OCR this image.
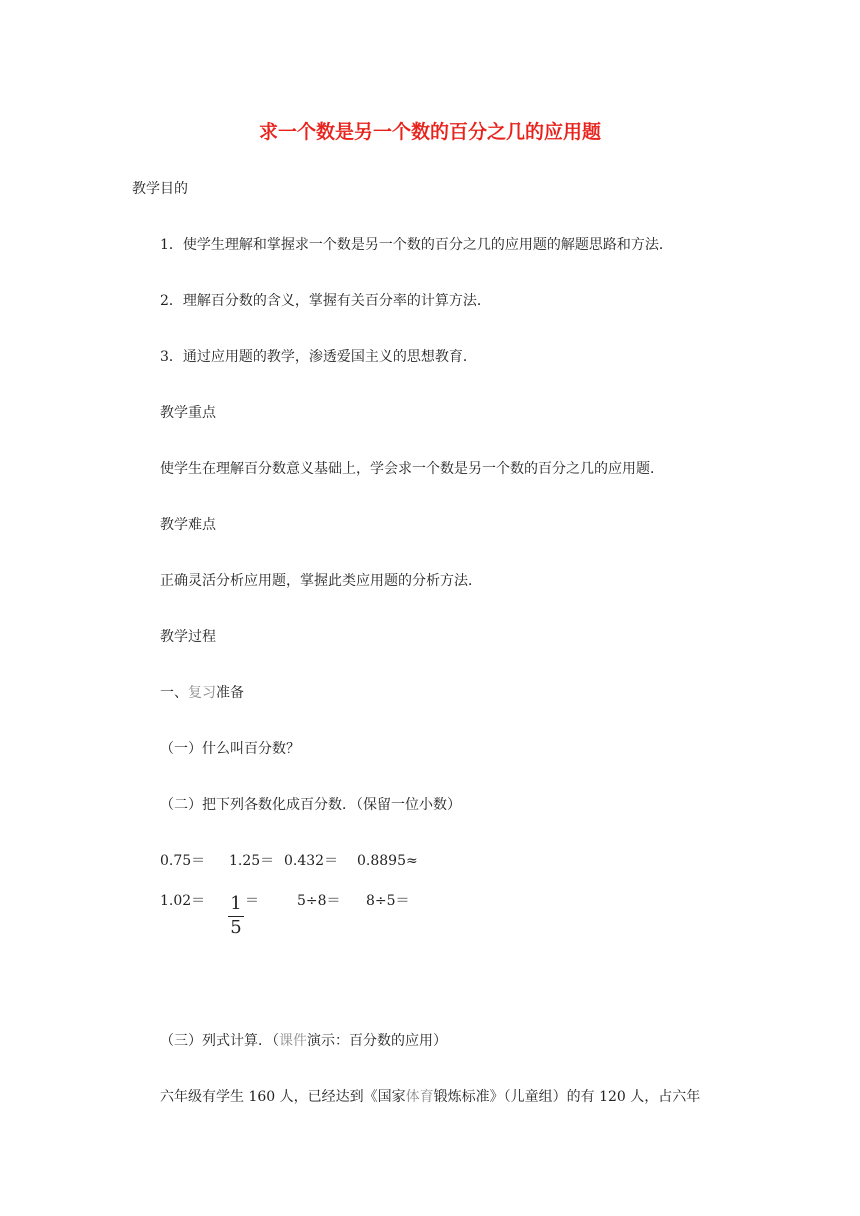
求一个数是另一个数的百分之几的应用题
教学目的
1．使学生理解和掌握求一个数是另一个数的百分之几的应用题的解题思路和方法．
2．理解百分数的含义，掌握有关百分率的计算方法．
3．通过应用题的教学，渗透爱国主义的思想教育．
教学重点
使学生在理解百分数意义基础上，学会求一个数是另一个数的百分之几的应用题．
教学难点
正确灵活分析应用题，掌握此类应用题的分析方法．
教学过程
一、复习准备
（一）什么叫百分数？
（二）把下列各数化成百分数．（保留一位小数）
0.75＝ 1.25＝ 0.432＝ 0.8895≈
1.02＝ 1
5
＝	5÷8＝ 8÷5＝
（三）列式计算．（课件演示：百分数的应用）
六年级有学生 160 人，已经达到《国家体育锻炼标准》（儿童组）的有 120 人，占六年
